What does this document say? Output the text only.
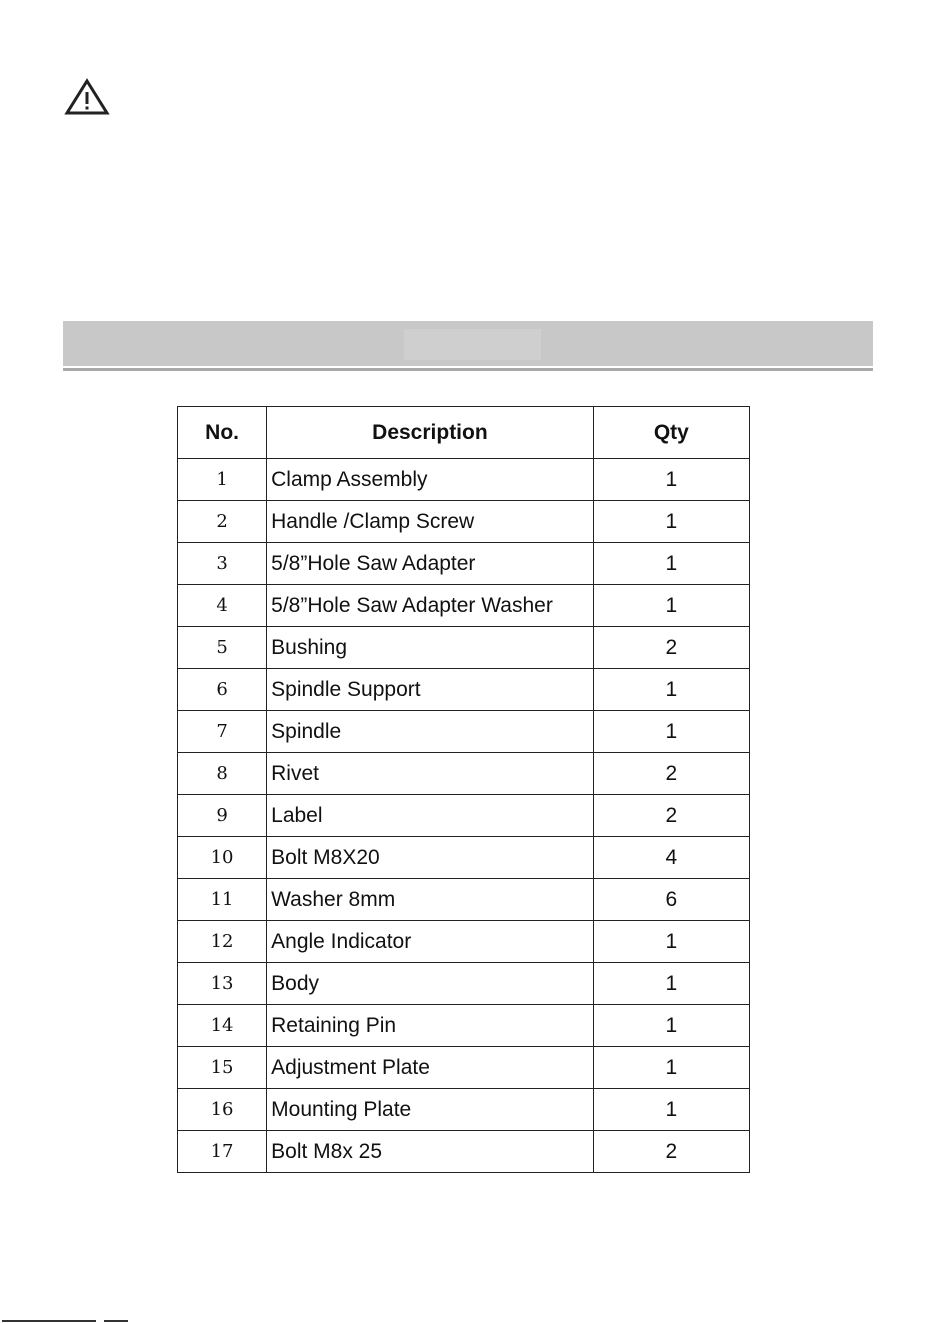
No.	Description	Qty
1	Clamp Assembly	1
2	Handle /Clamp Screw	1
3	5/8”Hole Saw Adapter	1
4	5/8”Hole Saw Adapter Washer	1
5	Bushing	2
6	Spindle Support	1
7	Spindle	1
8	Rivet	2
9	Label	2
10	Bolt M8X20	4
11	Washer 8mm	6
12	Angle Indicator	1
13	Body	1
14	Retaining Pin	1
15	Adjustment Plate	1
16	Mounting Plate	1
17	Bolt M8x 25	2
